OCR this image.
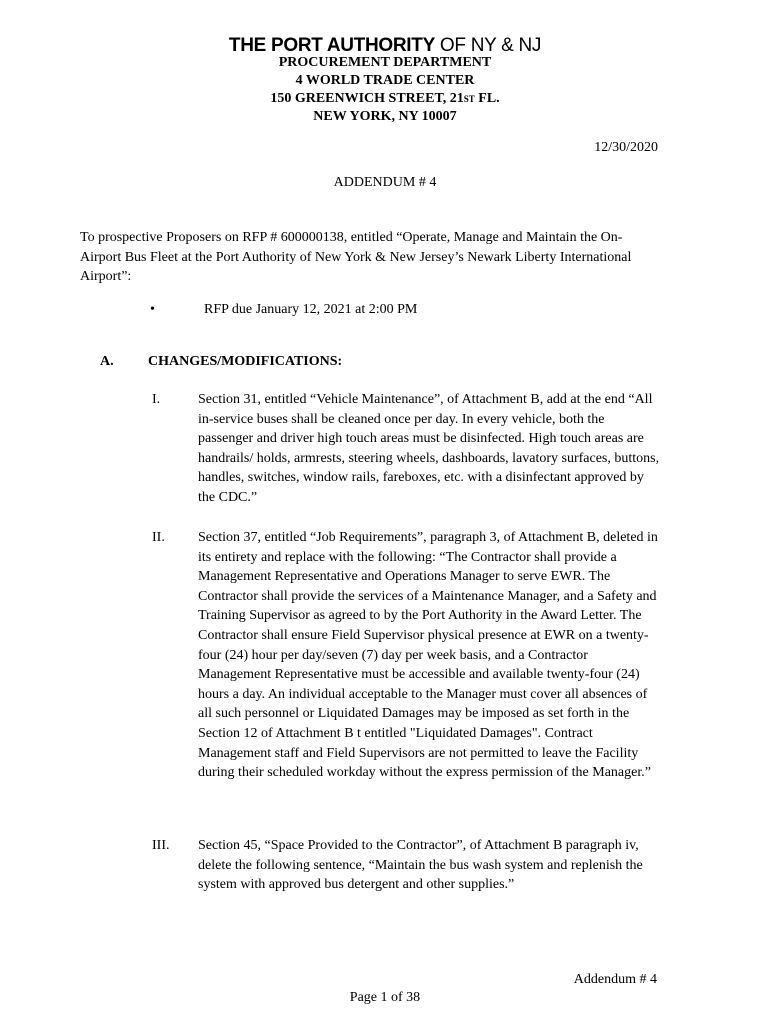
THE PORT AUTHORITY OF NY & NJ
PROCUREMENT DEPARTMENT
4 WORLD TRADE CENTER
150 GREENWICH STREET, 21ST FL.
NEW YORK, NY 10007
12/30/2020
ADDENDUM # 4
To prospective Proposers on RFP # 600000138, entitled “Operate, Manage and Maintain the On-Airport Bus Fleet at the Port Authority of New York & New Jersey’s Newark Liberty International Airport”:
•	RFP due January 12, 2021 at 2:00 PM
A. CHANGES/MODIFICATIONS:
I.	Section 31, entitled “Vehicle Maintenance”, of Attachment B, add at the end “All in-service buses shall be cleaned once per day. In every vehicle, both the passenger and driver high touch areas must be disinfected. High touch areas are handrails/ holds, armrests, steering wheels, dashboards, lavatory surfaces, buttons, handles, switches, window rails, fareboxes, etc. with a disinfectant approved by the CDC.”
II. Section 37, entitled “Job Requirements”, paragraph 3, of Attachment B, deleted in its entirety and replace with the following: “The Contractor shall provide a Management Representative and Operations Manager to serve EWR. The Contractor shall provide the services of a Maintenance Manager, and a Safety and Training Supervisor as agreed to by the Port Authority in the Award Letter. The Contractor shall ensure Field Supervisor physical presence at EWR on a twenty-four (24) hour per day/seven (7) day per week basis, and a Contractor Management Representative must be accessible and available twenty-four (24) hours a day. An individual acceptable to the Manager must cover all absences of all such personnel or Liquidated Damages may be imposed as set forth in the Section 12 of Attachment B t entitled "Liquidated Damages". Contract Management staff and Field Supervisors are not permitted to leave the Facility during their scheduled workday without the express permission of the Manager.”
III. Section 45, “Space Provided to the Contractor”, of Attachment B paragraph iv, delete the following sentence, “Maintain the bus wash system and replenish the system with approved bus detergent and other supplies.”
Addendum # 4
Page 1 of 38
